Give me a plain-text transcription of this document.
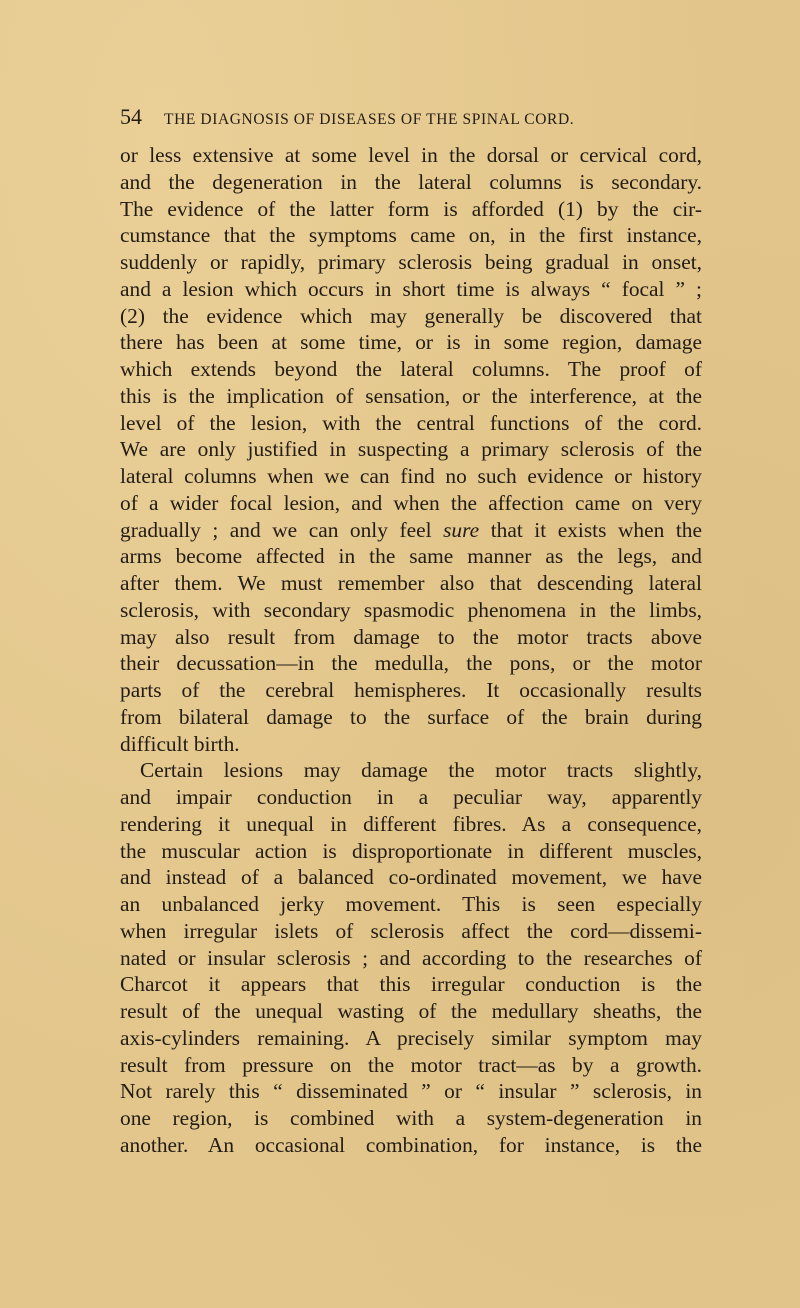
54 THE DIAGNOSIS OF DISEASES OF THE SPINAL CORD.
or less extensive at some level in the dorsal or cervical cord,
and the degeneration in the lateral columns is secondary.
The evidence of the latter form is afforded (1) by the cir-
cumstance that the symptoms came on, in the first instance,
suddenly or rapidly, primary sclerosis being gradual in onset,
and a lesion which occurs in short time is always “ focal ” ;
(2) the evidence which may generally be discovered that
there has been at some time, or is in some region, damage
which extends beyond the lateral columns. The proof of
this is the implication of sensation, or the interference, at the
level of the lesion, with the central functions of the cord.
We are only justified in suspecting a primary sclerosis of the
lateral columns when we can find no such evidence or history
of a wider focal lesion, and when the affection came on very
gradually ; and we can only feel sure that it exists when the
arms become affected in the same manner as the legs, and
after them. We must remember also that descending lateral
sclerosis, with secondary spasmodic phenomena in the limbs,
may also result from damage to the motor tracts above
their decussation—in the medulla, the pons, or the motor
parts of the cerebral hemispheres. It occasionally results
from bilateral damage to the surface of the brain during
difficult birth.
Certain lesions may damage the motor tracts slightly,
and impair conduction in a peculiar way, apparently
rendering it unequal in different fibres. As a consequence,
the muscular action is disproportionate in different muscles,
and instead of a balanced co-ordinated movement, we have
an unbalanced jerky movement. This is seen especially
when irregular islets of sclerosis affect the cord—dissemi-
nated or insular sclerosis ; and according to the researches of
Charcot it appears that this irregular conduction is the
result of the unequal wasting of the medullary sheaths, the
axis-cylinders remaining. A precisely similar symptom may
result from pressure on the motor tract—as by a growth.
Not rarely this “ disseminated ” or “ insular ” sclerosis, in
one region, is combined with a system-degeneration in
another. An occasional combination, for instance, is the
